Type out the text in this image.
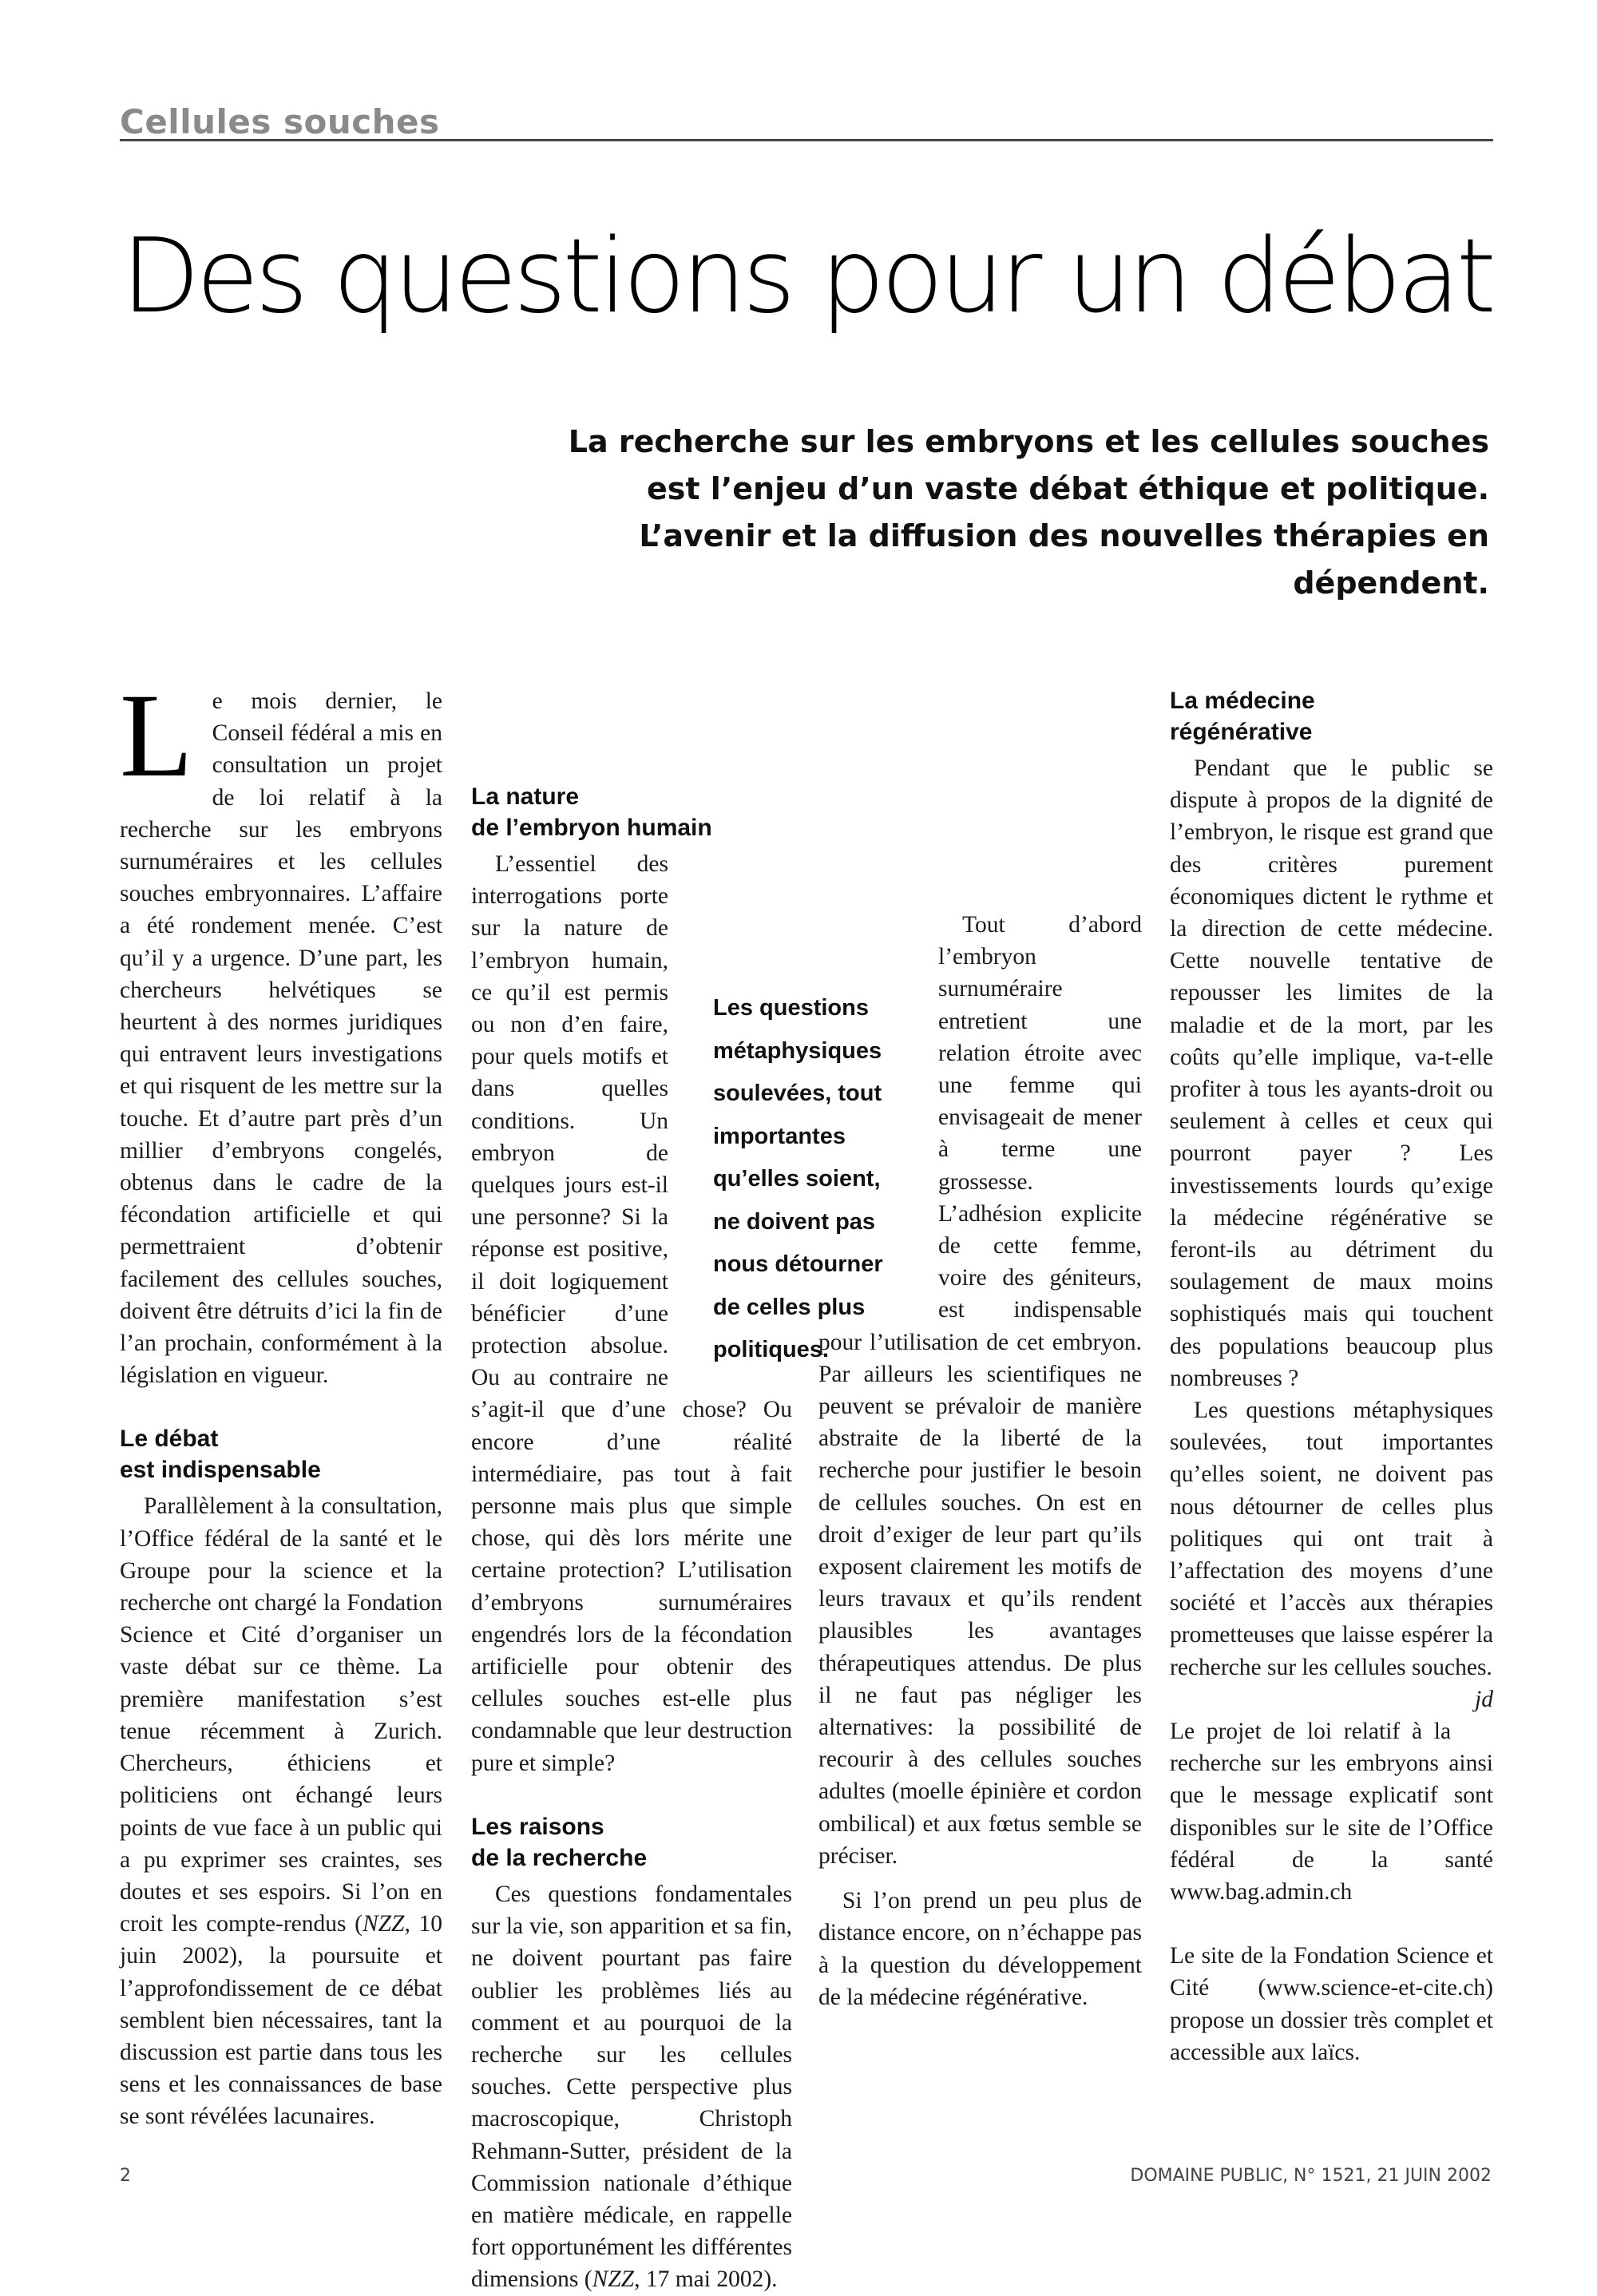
Cellules souches
Des questions pour un débat

La recherche sur les embryons et les cellules souches est l’enjeu d’un vaste débat éthique et politique. L’avenir et la diffusion des nouvelles thérapies en dépendent.

L e mois dernier, le Conseil fédéral a mis en consultation un projet de loi relatif à la recherche sur les embryons surnuméraires et les cellules souches embryonnaires. L’affaire a été rondement menée. C’est qu’il y a urgence. D’une part, les chercheurs helvétiques se heurtent à des normes juridiques qui entravent leurs investigations et qui risquent de les mettre sur la touche. Et d’autre part près d’un millier d’embryons congelés, obtenus dans le cadre de la fécondation artificielle et qui permettraient d’obtenir facilement des cellules souches, doivent être détruits d’ici la fin de l’an prochain, conformément à la législation en vigueur.

Le débat
est indispensable

Parallèlement à la consultation, l’Office fédéral de la santé et le Groupe pour la science et la recherche ont chargé la Fondation Science et Cité d’organiser un vaste débat sur ce thème. La première manifestation s’est tenue récemment à Zurich. Chercheurs, éthiciens et politiciens ont échangé leurs points de vue face à un public qui a pu exprimer ses craintes, ses doutes et ses espoirs. Si l’on en croit les compte-rendus (NZZ, 10 juin 2002), la poursuite et l’approfondissement de ce débat semblent bien nécessaires, tant la discussion est partie dans tous les sens et les connaissances de base se sont révélées lacunaires.

La nature
de l’embryon humain

L’essentiel des interrogations porte sur la nature de l’embryon humain, ce qu’il est permis ou non d’en faire, pour quels motifs et dans quelles conditions. Un embryon de quelques jours est-il une personne? Si la réponse est positive, il doit logiquement bénéficier d’une protection absolue. Ou au contraire ne s’agit-il que d’une chose? Ou encore d’une réalité intermédiaire, pas tout à fait personne mais plus que simple chose, qui dès lors mérite une certaine protection? L’utilisation d’embryons surnuméraires engendrés lors de la fécondation artificielle pour obtenir des cellules souches est-elle plus condamnable que leur destruction pure et simple?

Les raisons
de la recherche

Ces questions fondamentales sur la vie, son apparition et sa fin, ne doivent pourtant pas faire oublier les problèmes liés au comment et au pourquoi de la recherche sur les cellules souches. Cette perspective plus macroscopique, Christoph Rehmann-Sutter, président de la Commission nationale d’éthique en matière médicale, en rappelle fort opportunément les différentes dimensions (NZZ, 17 mai 2002).

Tout d’abord l’embryon surnuméraire entretient une relation étroite avec une femme qui envisageait de mener à terme une grossesse. L’adhésion explicite de cette femme, voire des géniteurs, est indispensable pour l’utilisation de cet embryon. Par ailleurs les scientifiques ne peuvent se prévaloir de manière abstraite de la liberté de la recherche pour justifier le besoin de cellules souches. On est en droit d’exiger de leur part qu’ils exposent clairement les motifs de leurs travaux et qu’ils rendent plausibles les avantages thérapeutiques attendus. De plus il ne faut pas négliger les alternatives: la possibilité de recourir à des cellules souches adultes (moelle épinière et cordon ombilical) et aux fœtus semble se préciser.

Si l’on prend un peu plus de distance encore, on n’échappe pas à la question du développement de la médecine régénérative.

Les questions métaphysiques soulevées, tout importantes qu’elles soient, ne doivent pas nous détourner de celles plus politiques.

La médecine
régénérative

Pendant que le public se dispute à propos de la dignité de l’embryon, le risque est grand que des critères purement économiques dictent le rythme et la direction de cette médecine. Cette nouvelle tentative de repousser les limites de la maladie et de la mort, par les coûts qu’elle implique, va-t-elle profiter à tous les ayants-droit ou seulement à celles et ceux qui pourront payer ? Les investissements lourds qu’exige la médecine régénérative se feront-ils au détriment du soulagement de maux moins sophistiqués mais qui touchent des populations beaucoup plus nombreuses ?

Les questions métaphysiques soulevées, tout importantes qu’elles soient, ne doivent pas nous détourner de celles plus politiques qui ont trait à l’affectation des moyens d’une société et l’accès aux thérapies prometteuses que laisse espérer la recherche sur les cellules souches.
jd

Le projet de loi relatif à la recherche sur les embryons ainsi que le message explicatif sont disponibles sur le site de l’Office fédéral de la santé www.bag.admin.ch

Le site de la Fondation Science et Cité (www.science-et-cite.ch) propose un dossier très complet et accessible aux laïcs.

2	DOMAINE PUBLIC, N° 1521, 21 JUIN 2002
